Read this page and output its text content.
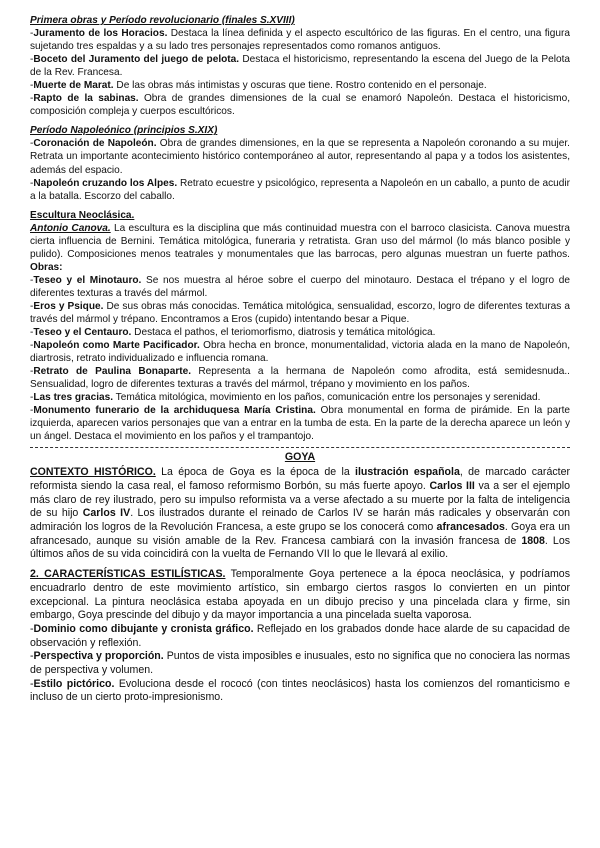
Primera obras y Período revolucionario (finales S.XVIII)

-Juramento de los Horacios. Destaca la línea definida y el aspecto escultórico de las figuras. En el centro, una figura sujetando tres espaldas y a su lado tres personajes representados como romanos antiguos.

-Boceto del Juramento del juego de pelota. Destaca el historicismo, representando la escena del Juego de la Pelota de la Rev. Francesa.

-Muerte de Marat. De las obras más intimistas y oscuras que tiene. Rostro contenido en el personaje.

-Rapto de la sabinas. Obra de grandes dimensiones de la cual se enamoró Napoleón. Destaca el historicismo, composición compleja y cuerpos escultóricos.

Período Napoleónico (principios S.XIX)

-Coronación de Napoleón. Obra de grandes dimensiones, en la que se representa a Napoleón coronando a su mujer. Retrata un importante acontecimiento histórico contemporáneo al autor, representando al papa y a todos los asistentes, además del espacio.

-Napoleón cruzando los Alpes. Retrato ecuestre y psicológico, representa a Napoleón en un caballo, a punto de acudir a la batalla. Escorzo del caballo.

Escultura Neoclásica.

Antonio Canova. La escultura es la disciplina que más continuidad muestra con el barroco clasicista. Canova muestra cierta influencia de Bernini. Temática mitológica, funeraria y retratista. Gran uso del mármol (lo más blanco posible y pulido). Composiciones menos teatrales y monumentales que las barrocas, pero algunas muestran un fuerte pathos. Obras:

-Teseo y el Minotauro. Se nos muestra al héroe sobre el cuerpo del minotauro. Destaca el trépano y el logro de diferentes texturas a través del mármol.

-Eros y Psique. De sus obras más conocidas. Temática mitológica, sensualidad, escorzo, logro de diferentes texturas a través del mármol y trépano. Encontramos a Eros (cupido) intentando besar a Pique.

-Teseo y el Centauro. Destaca el pathos, el teriomorfismo, diatrosis y temática mitológica.

-Napoleón como Marte Pacificador. Obra hecha en bronce, monumentalidad, victoria alada en la mano de Napoleón, diartrosis, retrato individualizado e influencia romana.

-Retrato de Paulina Bonaparte. Representa a la hermana de Napoleón como afrodita, está semidesnuda.. Sensualidad, logro de diferentes texturas a través del mármol, trépano y movimiento en los paños.

-Las tres gracias. Temática mitológica, movimiento en los paños, comunicación entre los personajes y serenidad.

-Monumento funerario de la archiduquesa María Cristina. Obra monumental en forma de pirámide. En la parte izquierda, aparecen varios personajes que van a entrar en la tumba de esta. En la parte de la derecha aparece un león y un ángel. Destaca el movimiento en los paños y el trampantojo.

GOYA

CONTEXTO HISTÓRICO. La época de Goya es la época de la ilustración española, de marcado carácter reformista siendo la casa real, el famoso reformismo Borbón, su más fuerte apoyo. Carlos III va a ser el ejemplo más claro de rey ilustrado, pero su impulso reformista va a verse afectado a su muerte por la falta de inteligencia de su hijo Carlos IV. Los ilustrados durante el reinado de Carlos IV se harán más radicales y observarán con admiración los logros de la Revolución Francesa, a este grupo se los conocerá como afrancesados. Goya era un afrancesado, aunque su visión amable de la Rev. Francesa cambiará con la invasión francesa de 1808. Los últimos años de su vida coincidirá con la vuelta de Fernando VII lo que le llevará al exilio.

2. CARACTERÍSTICAS ESTILÍSTICAS. Temporalmente Goya pertenece a la época neoclásica, y podríamos encuadrarlo dentro de este movimiento artístico, sin embargo ciertos rasgos lo convierten en un pintor excepcional. La pintura neoclásica estaba apoyada en un dibujo preciso y una pincelada clara y firme, sin embargo, Goya prescinde del dibujo y da mayor importancia a una pincelada suelta vaporosa.

-Dominio como dibujante y cronista gráfico. Reflejado en los grabados donde hace alarde de su capacidad de observación y reflexión.

-Perspectiva y proporción. Puntos de vista imposibles e inusuales, esto no significa que no conociera las normas de perspectiva y volumen.

-Estilo pictórico. Evoluciona desde el rococó (con tintes neoclásicos) hasta los comienzos del romanticismo e incluso de un cierto proto-impresionismo.
